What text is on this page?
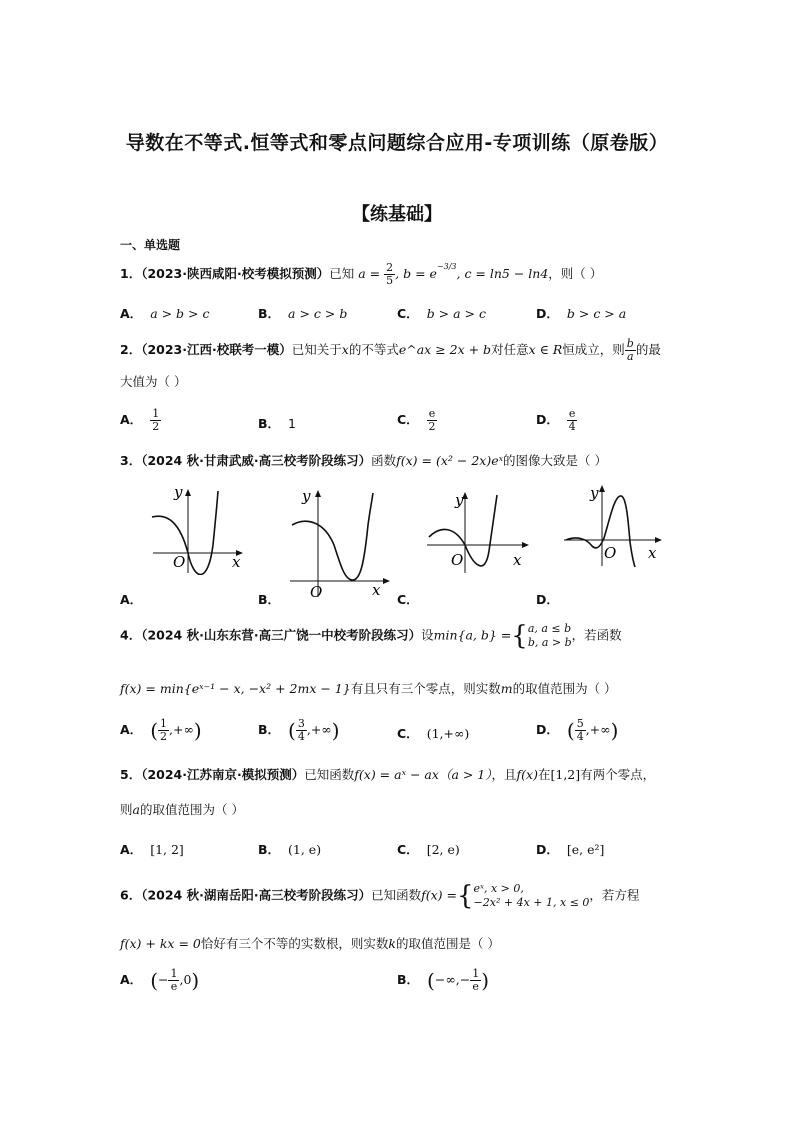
导数在不等式.恒等式和零点问题综合应用-专项训练（原卷版）
【练基础】
一、单选题
1．（2023·陕西咸阳·校考模拟预测）已知 $a = \frac{2}{5}$ , $b = e^{-3/3}$, c = ln5 − ln4，则（ ）
A． a > b > c	B． a > c > b	C． b > a > c	D． b > c > a
2．（2023·江西·校联考一模）已知关于x的不等式e^ax ≥ 2x + b对任意x ∈ R恒成立，则 $\frac{b}{a}$ 的最
大值为（ ）
A． $\frac{1}{2}$	B． 1	C． $\frac{e}{2}$	D． $\frac{e}{4}$
3．（2024 秋·甘肃武威·高三校考阶段练习）函数f(x) = (x² − 2x)eˣ的图像大致是（ ）
y
O	x
y
O	x
y
O	x
y
O x
A．	B．	C．	D．
4．（2024 秋·山东东营·高三广饶一中校考阶段练习）设min{a, b} ={ a, a ≤ b
b, a > b ，若函数
f(x) = min{eˣ⁻¹ − x, −x² + 2mx − 1}有且只有三个零点，则实数m的取值范围为（ ）
A． ( $\frac{1}{2}$ ,+∞)	B． ( $\frac{3}{4}$ ,+∞)	C． (1,+∞)	D． ( $\frac{5}{4}$ ,+∞)
5．（2024·江苏南京·模拟预测）已知函数f(x) = aˣ − ax（a > 1），且f(x)在[1,2]有两个零点，
则a的取值范围为（ ）
A． [1, 2]	B． (1, e)	C． [2, e)	D． [e, e²]
6．（2024 秋·湖南岳阳·高三校考阶段练习）已知函数f(x) ={ eˣ, x > 0,
−2x² + 4x + 1, x ≤ 0 ，若方程
f(x) + kx = 0恰好有三个不等的实数根，则实数k的取值范围是（ ）
A． (− $\frac{1}{e} ,0$)	B． (−∞,− $\frac{1}{e}$ )
